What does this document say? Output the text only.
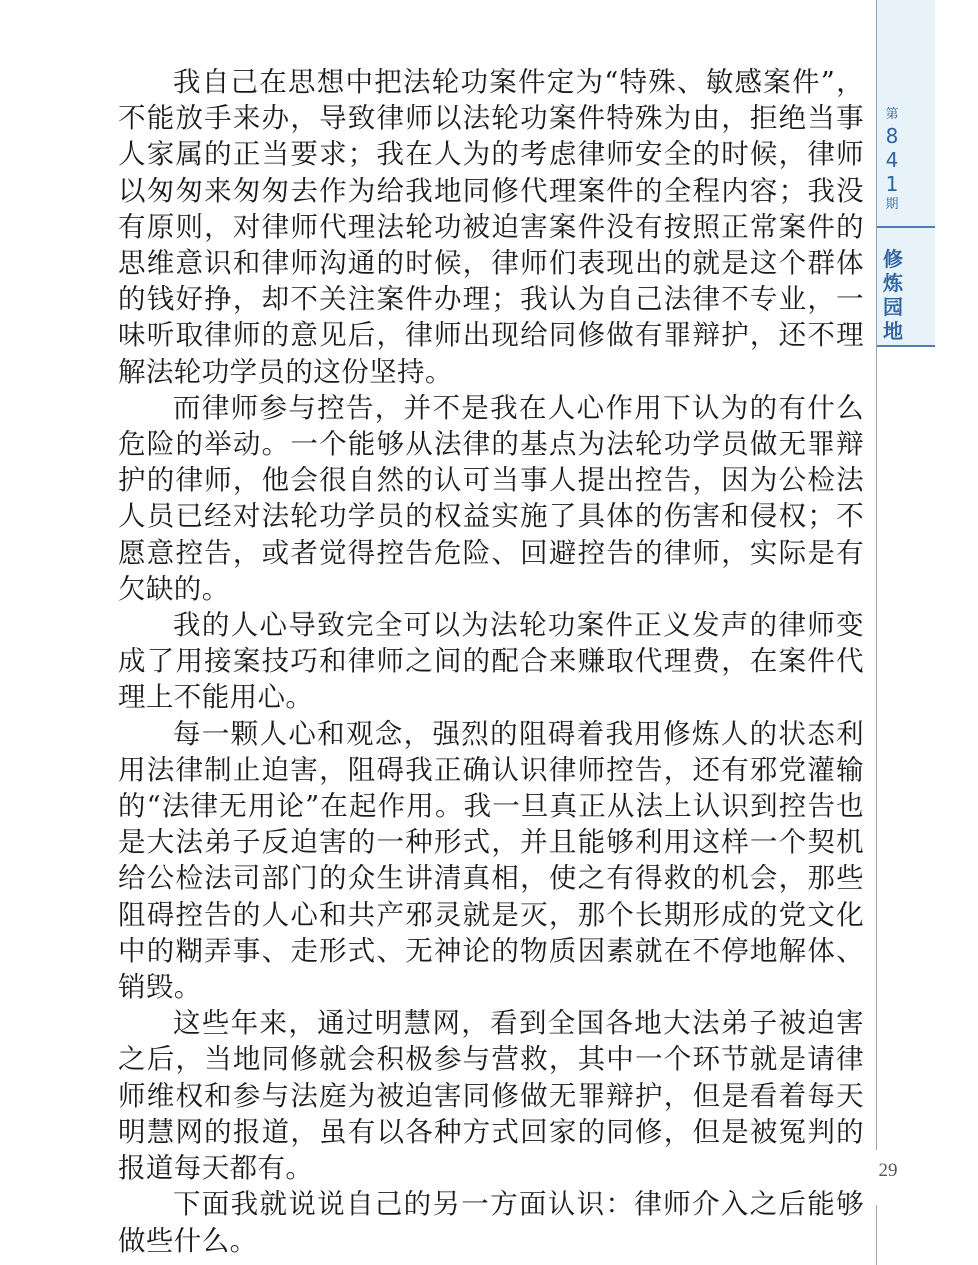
我自己在思想中把法轮功案件定为“特殊、敏感案件”，不能放手来办，导致律师以法轮功案件特殊为由，拒绝当事人家属的正当要求；我在人为的考虑律师安全的时候，律师以匆匆来匆匆去作为给我地同修代理案件的全程内容；我没有原则，对律师代理法轮功被迫害案件没有按照正常案件的思维意识和律师沟通的时候，律师们表现出的就是这个群体的钱好挣，却不关注案件办理；我认为自己法律不专业，一味听取律师的意见后，律师出现给同修做有罪辩护，还不理解法轮功学员的这份坚持。

而律师参与控告，并不是我在人心作用下认为的有什么危险的举动。一个能够从法律的基点为法轮功学员做无罪辩护的律师，他会很自然的认可当事人提出控告，因为公检法人员已经对法轮功学员的权益实施了具体的伤害和侵权；不愿意控告，或者觉得控告危险、回避控告的律师，实际是有欠缺的。

我的人心导致完全可以为法轮功案件正义发声的律师变成了用接案技巧和律师之间的配合来赚取代理费，在案件代理上不能用心。

每一颗人心和观念，强烈的阻碍着我用修炼人的状态利用法律制止迫害，阻碍我正确认识律师控告，还有邪党灌输的“法律无用论”在起作用。我一旦真正从法上认识到控告也是大法弟子反迫害的一种形式，并且能够利用这样一个契机给公检法司部门的众生讲清真相，使之有得救的机会，那些阻碍控告的人心和共产邪灵就是灭，那个长期形成的党文化中的糊弄事、走形式、无神论的物质因素就在不停地解体、销毁。

这些年来，通过明慧网，看到全国各地大法弟子被迫害之后，当地同修就会积极参与营救，其中一个环节就是请律师维权和参与法庭为被迫害同修做无罪辩护，但是看着每天明慧网的报道，虽有以各种方式回家的同修，但是被冤判的报道每天都有。

下面我就说说自己的另一方面认识：律师介入之后能够做些什么。

第
8
4
1
期
修
炼
园
地
29
